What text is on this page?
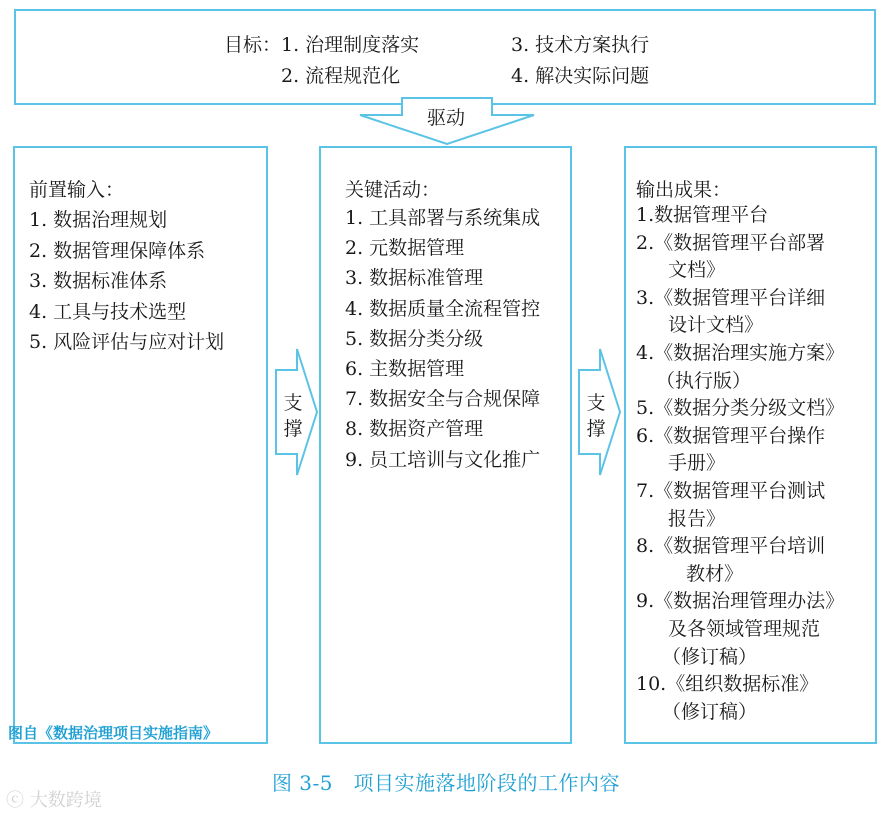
目标：1. 治理制度落实
2. 流程规范化
3. 技术方案执行
4. 解决实际问题
驱动
前置输入：
1. 数据治理规划
2. 数据管理保障体系
3. 数据标准体系
4. 工具与技术选型
5. 风险评估与应对计划
支撑
关键活动：
1. 工具部署与系统集成
2. 元数据管理
3. 数据标准管理
4. 数据质量全流程管控
5. 数据分类分级
6. 主数据管理
7. 数据安全与合规保障
8. 数据资产管理
9. 员工培训与文化推广
支撑
输出成果：
1.数据管理平台
2.《数据管理平台部署
文档》
3.《数据管理平台详细
设计文档》
4.《数据治理实施方案》
（执行版）
5.《数据分类分级文档》
6.《数据管理平台操作
手册》
7.《数据管理平台测试
报告》
8.《数据管理平台培训
教材》
9.《数据治理管理办法》
及各领域管理规范
（修订稿）
10.《组织数据标准》
（修订稿）
图自《数据治理项目实施指南》
图 3-5　项目实施落地阶段的工作内容
ⓒ 大数跨境
